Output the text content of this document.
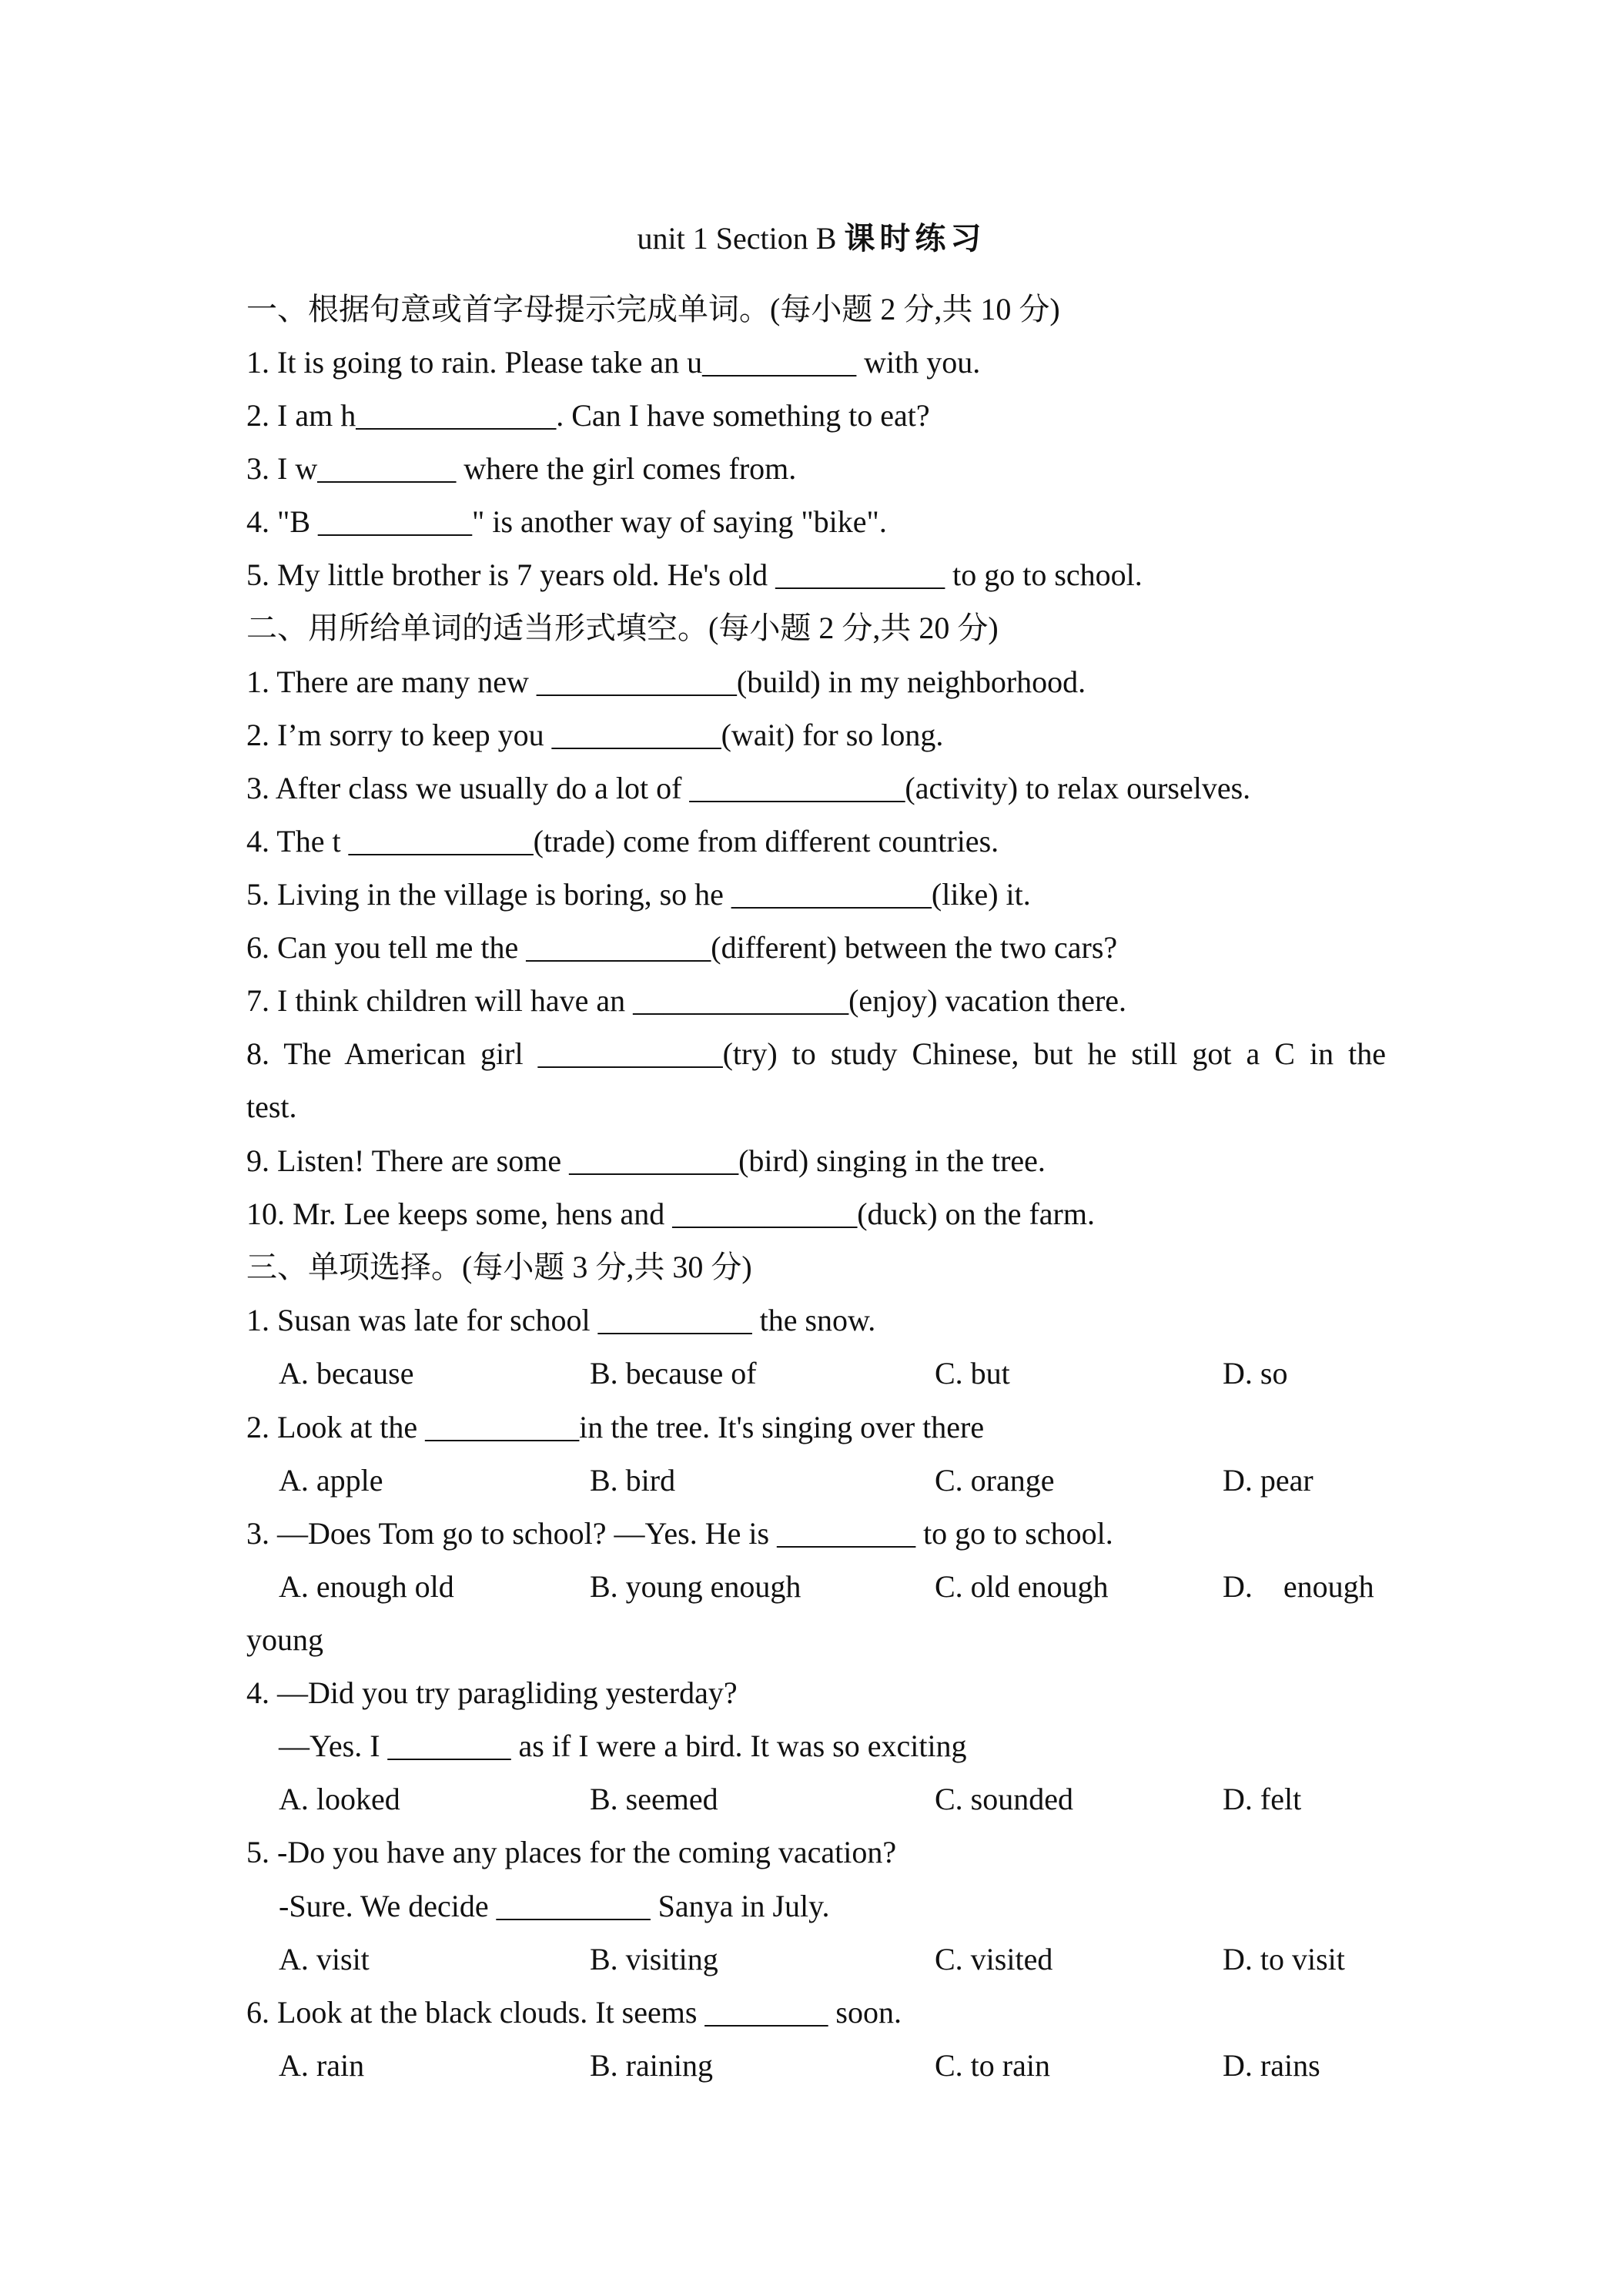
unit 1 Section B 课时练习
一、根据句意或首字母提示完成单词。(每小题 2 分,共 10 分)
1. It is going to rain. Please take an u__________ with you.
2. I am h_____________. Can I have something to eat?
3. I w_________ where the girl comes from.
4. "B __________" is another way of saying "bike".
5. My little brother is 7 years old. He's old ___________ to go to school.
二、用所给单词的适当形式填空。(每小题 2 分,共 20 分)
1. There are many new _____________(build) in my neighborhood.
2. I’m sorry to keep you ___________(wait) for so long.
3. After class we usually do a lot of ______________(activity) to relax ourselves.
4. The t ____________(trade) come from different countries.
5. Living in the village is boring, so he _____________(like) it.
6. Can you tell me the ____________(different) between the two cars?
7. I think children will have an ______________(enjoy) vacation there.
8. The American girl ____________(try) to study Chinese, but he still got a C in the
test.
9. Listen! There are some ___________(bird) singing in the tree.
10. Mr. Lee keeps some, hens and ____________(duck) on the farm.
三、单项选择。(每小题 3 分,共 30 分)
1. Susan was late for school __________ the snow.
A. because	B. because of	C. but	D. so
2. Look at the __________in the tree. It's singing over there
A. apple	B. bird	C. orange	D. pear
3. —Does Tom go to school? —Yes. He is _________ to go to school.
A. enough old	B. young enough	C. old enough	D.    enough
young
4. —Did you try paragliding yesterday?
—Yes. I ________ as if I were a bird. It was so exciting
A. looked	B. seemed	C. sounded	D. felt
5. -Do you have any places for the coming vacation?
-Sure. We decide __________ Sanya in July.
A. visit	B. visiting	C. visited	D. to visit
6. Look at the black clouds. It seems ________ soon.
A. rain	B. raining	C. to rain	D. rains
